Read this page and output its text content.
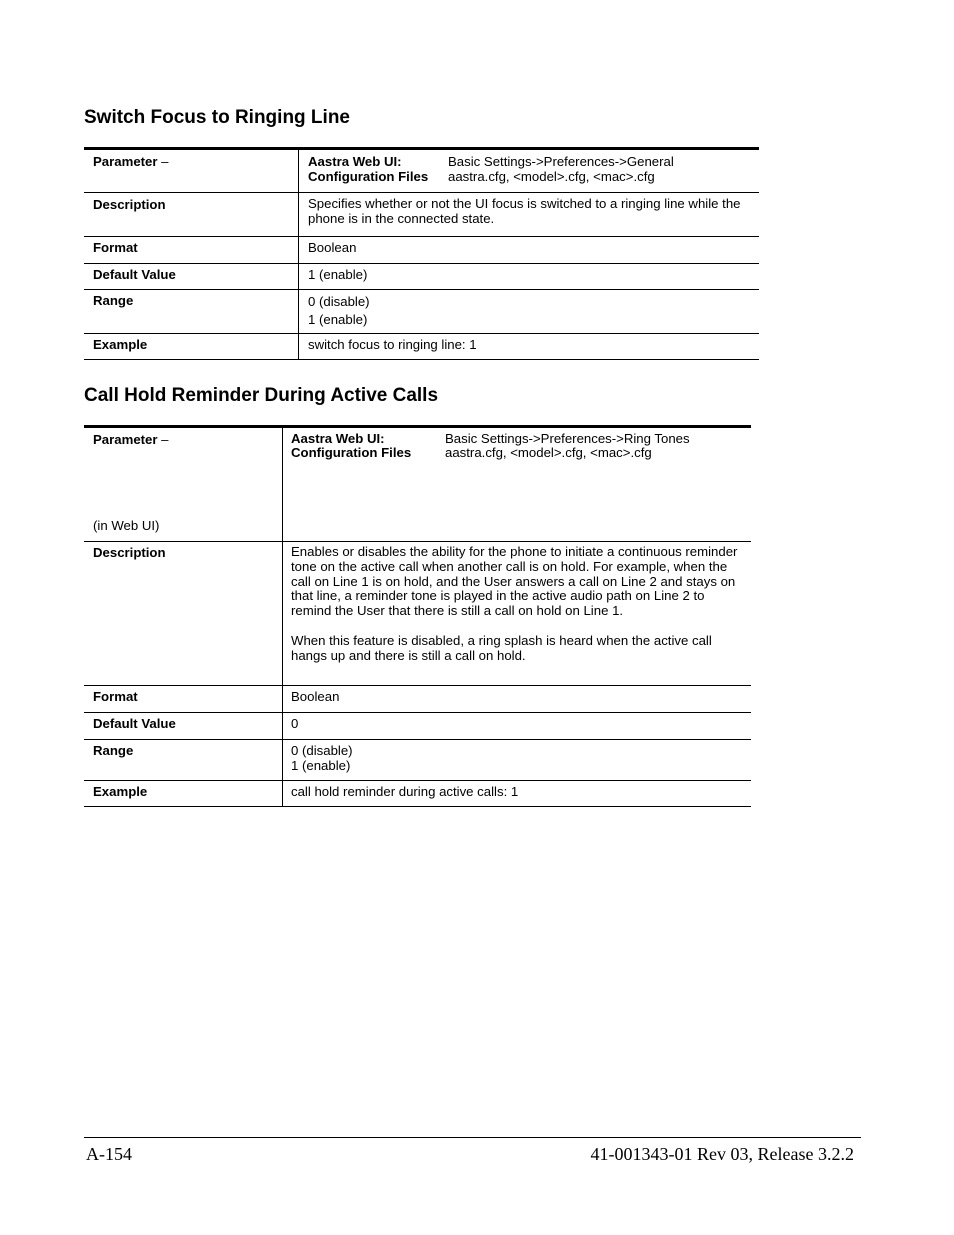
Switch Focus to Ringing Line
Parameter –	Aastra Web UI: Basic Settings->Preferences->General
Configuration Files aastra.cfg, <model>.cfg, <mac>.cfg

Description	Specifies whether or not the UI focus is switched to a ringing line while the phone is in the connected state.

Format	Boolean
Default Value	1 (enable)
Range	0 (disable)
1 (enable)

Example	switch focus to ringing line: 1
Call Hold Reminder During Active Calls
Parameter –
(in Web UI)	Aastra Web UI: Basic Settings->Preferences->Ring Tones
Configuration Files aastra.cfg, <model>.cfg, <mac>.cfg

Description	Enables or disables the ability for the phone to initiate a continuous reminder tone on the active call when another call is on hold. For example, when the call on Line 1 is on hold, and the User answers a call on Line 2 and stays on that line, a reminder tone is played in the active audio path on Line 2 to remind the User that there is still a call on hold on Line 1.
When this feature is disabled, a ring splash is heard when the active call hangs up and there is still a call on hold.

Format	Boolean
Default Value	0
Range	0 (disable)
1 (enable)

Example	call hold reminder during active calls: 1
A-154	41-001343-01 Rev 03, Release 3.2.2
